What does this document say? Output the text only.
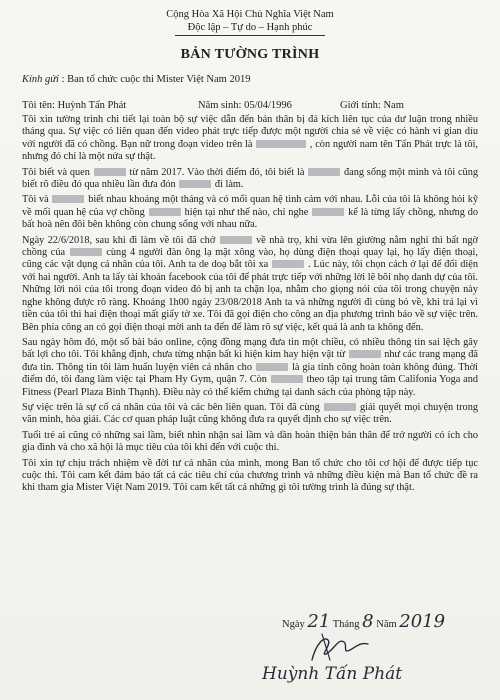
Cộng Hòa Xã Hội Chủ Nghĩa Việt Nam
Độc lập – Tự do – Hạnh phúc
BẢN TƯỜNG TRÌNH
Kính gửi : Ban tổ chức cuộc thi Mister Việt Nam 2019
Tôi tên: Huỳnh Tấn Phát	Năm sinh: 05/04/1996	Giới tính: Nam

Tôi xin tường trình chi tiết lại toàn bộ sự việc dẫn đến bản thân bị đả kích liên tục của dư luận trong nhiều tháng qua. Sự việc có liên quan đến video phát trực tiếp được một người chia sẻ về việc có hành vi gian díu với người đã có chồng. Bạn nữ trong đoạn video trên là	, còn người nam tên Tấn Phát trực là tôi, nhưng đó chỉ là một nửa sự thật.

Tôi biết và quen	từ năm 2017. Vào thời điểm đó, tôi biết là	đang sống một mình và tôi cũng biết rõ điều đó qua nhiều lần đưa đón	đi làm.

Tôi và	biết nhau khoảng một tháng và có mối quan hệ tình cảm với nhau. Lỗi của tôi là không hỏi kỹ về mối quan hệ của vợ chồng	hiện tại như thế nào, chỉ nghe	kể là từng lấy chồng, nhưng do bất hoà nên đôi bên không còn chung sống với nhau nữa.

Ngày 22/6/2018, sau khi đi làm về tôi đã chở	về nhà trọ, khi vừa lên giường nằm nghỉ thì bất ngờ chồng của	cùng 4 người đàn ông lạ mặt xông vào, họ dùng điện thoại quay lại, họ lấy điện thoại, cũng các vật dụng cá nhân của tôi. Anh ta de doạ bắt tôi xa	. Lúc này, tôi chọn cách ở lại để đối diện với hai người. Anh ta lấy tài khoản facebook của tôi để phát trực tiếp với những lời lẽ bôi nhọ danh dự của tôi. Những lời nói của tôi trong đoạn video đó bị anh ta chặn lọa, nhằm cho giọng nói của tôi trong chuyện này nghe không được rõ ràng. Khoảng 1h00 ngày 23/08/2018 Anh ta và những người đi cùng bỏ về, khi trả lại vì tiền của tôi thì hai điện thoại mất giấy tờ xe. Tôi đã gọi điện cho công an địa phương trình báo về sự việc trên. Bên phía công an có gọi điện thoại mời anh ta đến để làm rõ sự việc, kết quả là anh ta không đến.

Sau ngày hôm đó, một số bài báo online, cộng đồng mạng đưa tin một chiều, có nhiều thông tin sai lệch gây bất lợi cho tôi. Tôi khẳng định, chưa từng nhận bất kì hiện kim hay hiện vật từ	như các trang mạng đã đưa tin. Thông tin tôi làm huấn luyện viên cá nhân cho	là gia tỉnh công hoàn toàn không đúng. Thời điểm đó, tôi đang làm việc tại Pham Hy Gym, quận 7. Còn	theo tập tại trung tâm Califonia Yoga and Fitness (Pearl Plaza Bình Thạnh). Điều này có thể kiểm chứng tại danh sách của phòng tập này.

Sự việc trên là sự cố cá nhân của tôi và các bên liên quan. Tôi đã cùng	giải quyết mọi chuyện trong văn minh, hòa giải. Các cơ quan pháp luật cũng không đưa ra quyết định cho sự việc trên.

Tuổi trẻ ai cũng có những sai lầm, biết nhìn nhận sai lầm và dần hoàn thiện bản thân để trở người có ích cho gia đình và cho xã hội là mục tiêu của tôi khi đến với cuộc thi.

Tôi xin tự chịu trách nhiệm về đời tư cá nhân của mình, mong Ban tổ chức cho tôi cơ hội để được tiếp tục cuộc thi. Tôi cam kết đảm bảo tất cả các tiêu chí của chương trình và những điều kiện mà Ban tổ chức đề ra khi tham gia Mister Việt Nam 2019. Tôi cam kết tất cả những gì tôi tường trình là đúng sự thật.

Ngày 21 Tháng 8 Năm 2019
Huỳnh Tấn Phát
